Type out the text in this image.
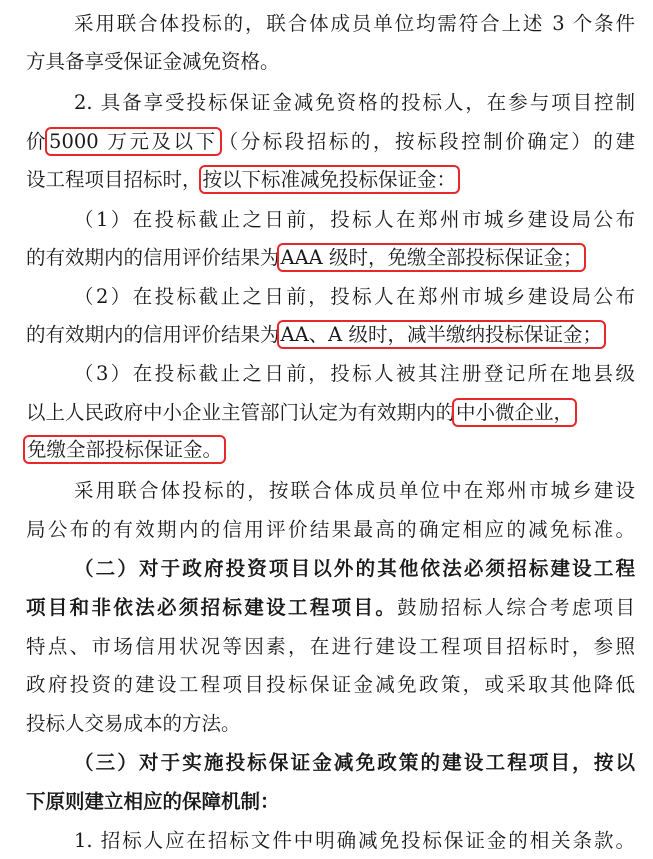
采用联合体投标的，联合体成员单位均需符合上述 3 个条件
方具备享受保证金减免资格。
2. 具备享受投标保证金减免资格的投标人，在参与项目控制
价5000 万元及以下（分标段招标的，按标段控制价确定）的建
设工程项目招标时，按以下标准减免投标保证金：
（1）在投标截止之日前，投标人在郑州市城乡建设局公布
的有效期内的信用评价结果为AAA 级时，免缴全部投标保证金；
（2）在投标截止之日前，投标人在郑州市城乡建设局公布
的有效期内的信用评价结果为AA、A 级时，减半缴纳投标保证金；
（3）在投标截止之日前，投标人被其注册登记所在地县级
以上人民政府中小企业主管部门认定为有效期内的中小微企业，
免缴全部投标保证金。
采用联合体投标的，按联合体成员单位中在郑州市城乡建设
局公布的有效期内的信用评价结果最高的确定相应的减免标准。
（二）对于政府投资项目以外的其他依法必须招标建设工程
项目和非依法必须招标建设工程项目。鼓励招标人综合考虑项目
特点、市场信用状况等因素，在进行建设工程项目招标时，参照
政府投资的建设工程项目投标保证金减免政策，或采取其他降低
投标人交易成本的方法。
（三）对于实施投标保证金减免政策的建设工程项目，按以
下原则建立相应的保障机制：
1. 招标人应在招标文件中明确减免投标保证金的相关条款。
